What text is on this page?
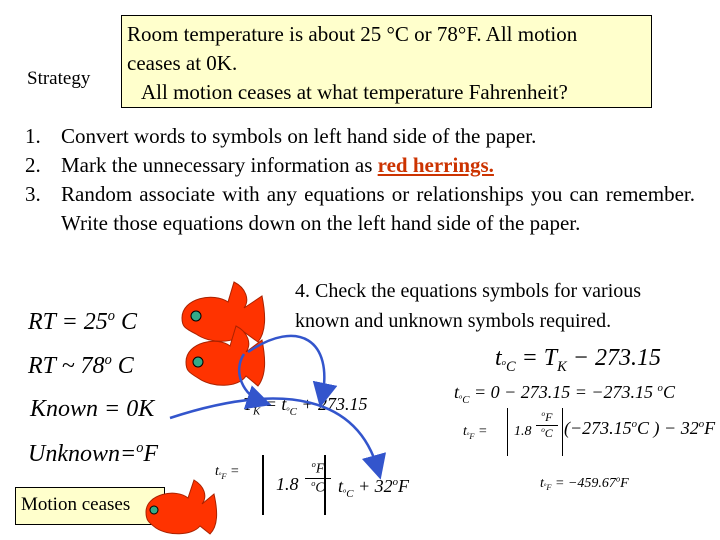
Room temperature is about 25 °C or 78°F. All motion
ceases at 0K.
All motion ceases at what temperature Fahrenheit?
Strategy
1. Convert words to symbols on left hand side of the paper.
2. Mark the unnecessary information as red herrings.
3. Random associate with any equations or relationships you can remember. Write those equations down on the left hand side of the paper.
4. Check the equations symbols for various
known and unknown symbols required.
RT = $25^o$ C
RT ~ 78$^o$ C
Known = 0K
Unknown=$^o$F
$T_K = t_{^oC} + 273.15$
$t_{^oF}$ =
1.8
$^o$F
$^o$C $t_{^oC} + 32^oF$
$t_{^oC} = T_K - 273.15$
$t_{^oC} = 0 - 273.15 = -273.15$ $^o$C
$t_{^oF} = 1.8$
$^o$F
$^o$C ($-273.15^oC$ ) − $32^oF$
$t_{^oF} = -459.67^oF$
Motion ceases
